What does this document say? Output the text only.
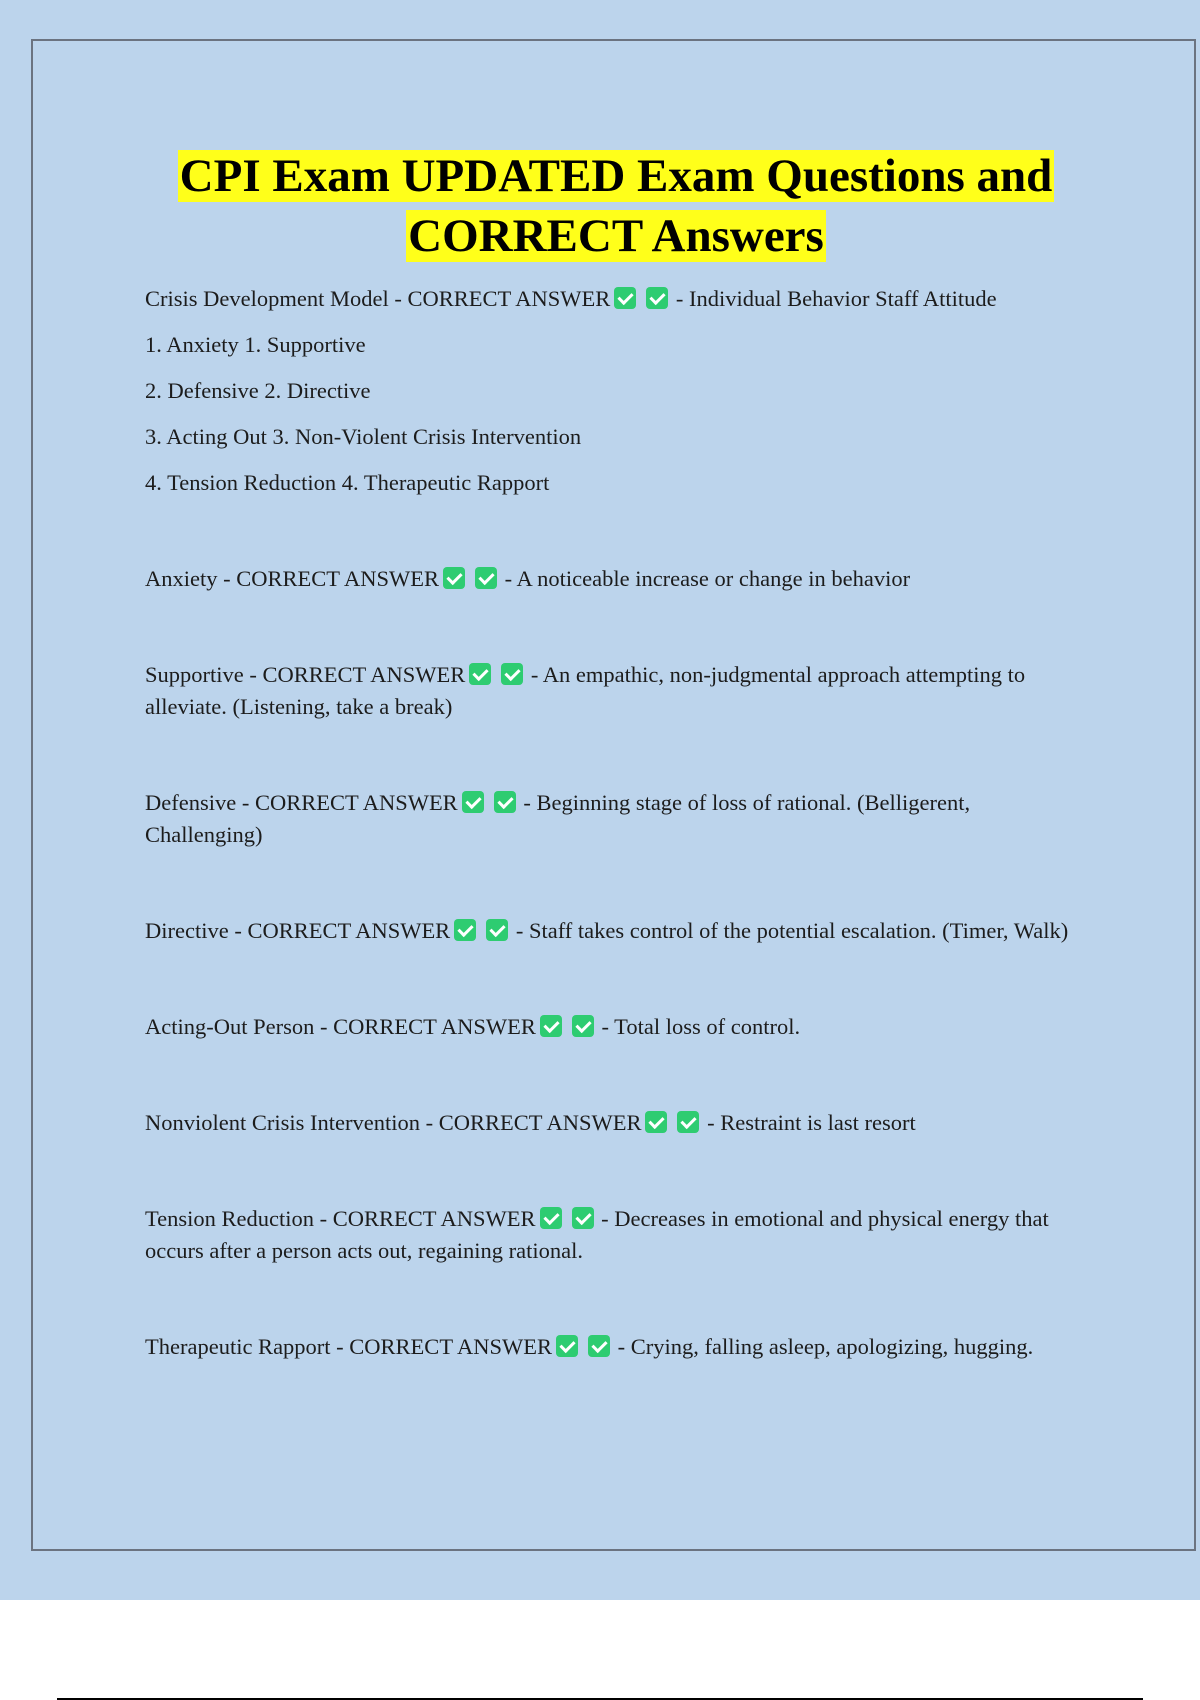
CPI Exam UPDATED Exam Questions and
CORRECT Answers

Crisis Development Model - CORRECT ANSWER	- Individual Behavior Staff Attitude

1. Anxiety 1. Supportive

2. Defensive 2. Directive

3. Acting Out 3. Non-Violent Crisis Intervention

4. Tension Reduction 4. Therapeutic Rapport

Anxiety - CORRECT ANSWER	- A noticeable increase or change in behavior

Supportive - CORRECT ANSWER	- An empathic, non-judgmental approach attempting to alleviate. (Listening, take a break)

Defensive - CORRECT ANSWER	- Beginning stage of loss of rational. (Belligerent, Challenging)

Directive - CORRECT ANSWER	- Staff takes control of the potential escalation. (Timer, Walk)

Acting-Out Person - CORRECT ANSWER	- Total loss of control.

Nonviolent Crisis Intervention - CORRECT ANSWER	- Restraint is last resort

Tension Reduction - CORRECT ANSWER	- Decreases in emotional and physical energy that occurs after a person acts out, regaining rational.

Therapeutic Rapport - CORRECT ANSWER	- Crying, falling asleep, apologizing, hugging.
